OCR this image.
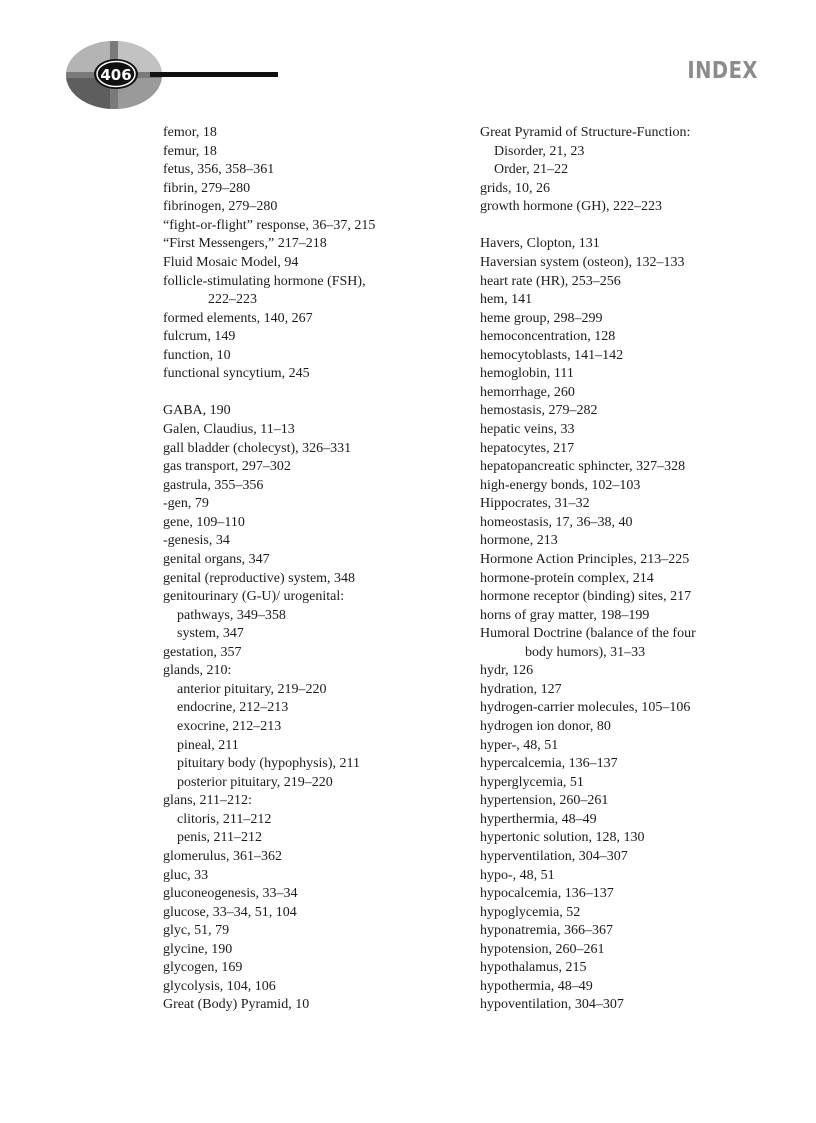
406	INDEX
femor, 18
femur, 18
fetus, 356, 358–361
fibrin, 279–280
fibrinogen, 279–280
“fight-or-flight” response, 36–37, 215
“First Messengers,” 217–218
Fluid Mosaic Model, 94
follicle-stimulating hormone (FSH),
222–223
formed elements, 140, 267
fulcrum, 149
function, 10
functional syncytium, 245
GABA, 190
Galen, Claudius, 11–13
gall bladder (cholecyst), 326–331
gas transport, 297–302
gastrula, 355–356
-gen, 79
gene, 109–110
-genesis, 34
genital organs, 347
genital (reproductive) system, 348
genitourinary (G-U)/ urogenital:
pathways, 349–358
system, 347
gestation, 357
glands, 210:
anterior pituitary, 219–220
endocrine, 212–213
exocrine, 212–213
pineal, 211
pituitary body (hypophysis), 211
posterior pituitary, 219–220
glans, 211–212:
clitoris, 211–212
penis, 211–212
glomerulus, 361–362
gluc, 33
gluconeogenesis, 33–34
glucose, 33–34, 51, 104
glyc, 51, 79
glycine, 190
glycogen, 169
glycolysis, 104, 106
Great (Body) Pyramid, 10
Great Pyramid of Structure-Function:
Disorder, 21, 23
Order, 21–22
grids, 10, 26
growth hormone (GH), 222–223
Havers, Clopton, 131
Haversian system (osteon), 132–133
heart rate (HR), 253–256
hem, 141
heme group, 298–299
hemoconcentration, 128
hemocytoblasts, 141–142
hemoglobin, 111
hemorrhage, 260
hemostasis, 279–282
hepatic veins, 33
hepatocytes, 217
hepatopancreatic sphincter, 327–328
high-energy bonds, 102–103
Hippocrates, 31–32
homeostasis, 17, 36–38, 40
hormone, 213
Hormone Action Principles, 213–225
hormone-protein complex, 214
hormone receptor (binding) sites, 217
horns of gray matter, 198–199
Humoral Doctrine (balance of the four
body humors), 31–33
hydr, 126
hydration, 127
hydrogen-carrier molecules, 105–106
hydrogen ion donor, 80
hyper-, 48, 51
hypercalcemia, 136–137
hyperglycemia, 51
hypertension, 260–261
hyperthermia, 48–49
hypertonic solution, 128, 130
hyperventilation, 304–307
hypo-, 48, 51
hypocalcemia, 136–137
hypoglycemia, 52
hyponatremia, 366–367
hypotension, 260–261
hypothalamus, 215
hypothermia, 48–49
hypoventilation, 304–307
